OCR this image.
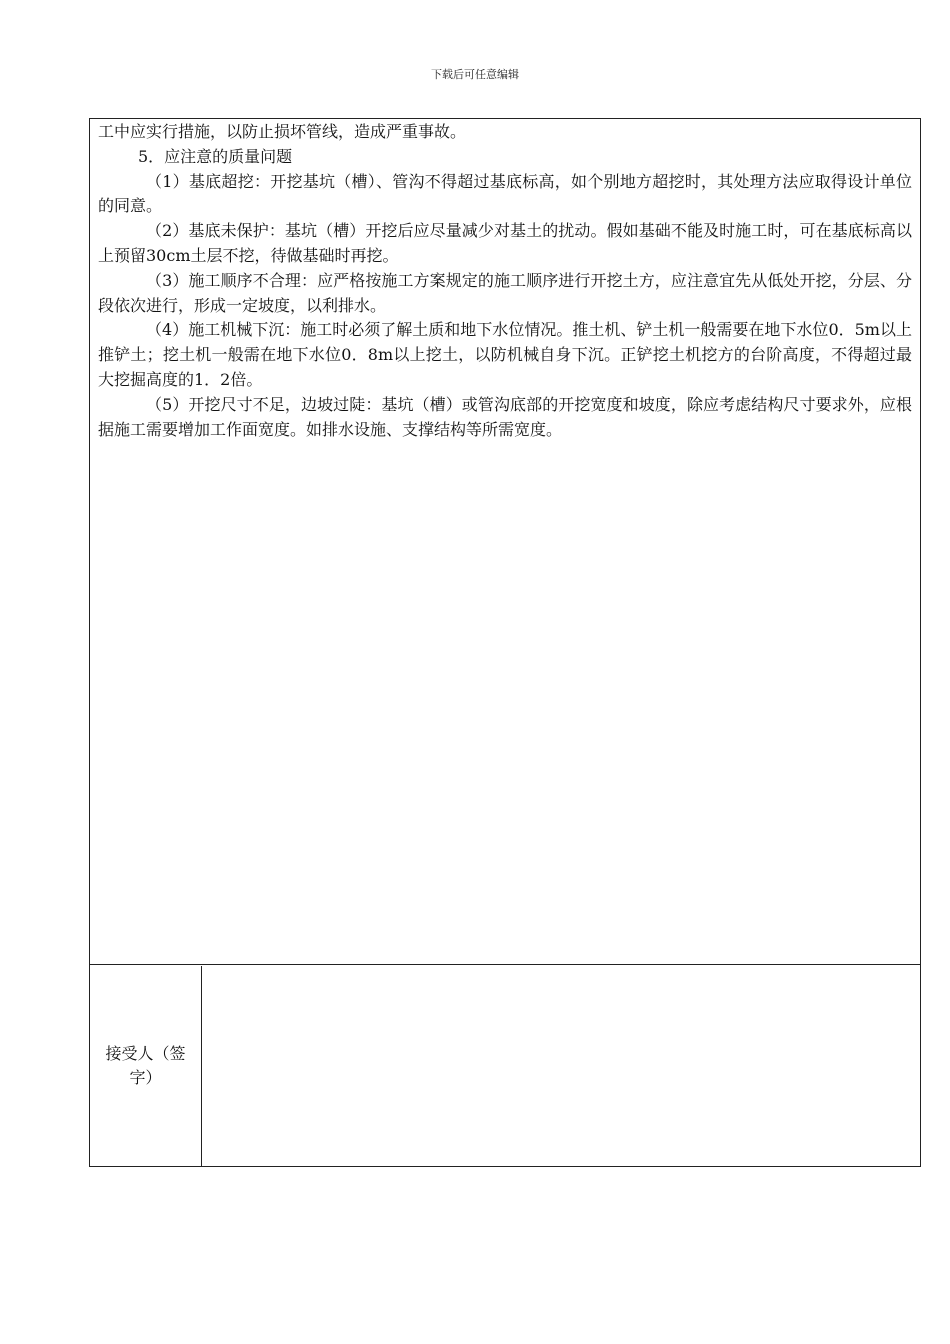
下载后可任意编辑

工中应实行措施，以防止损坏管线，造成严重事故。

5．应注意的质量问题

（1）基底超挖：开挖基坑（槽）、管沟不得超过基底标高，如个别地方超挖时，其处理方法应取得设计单位的同意。

（2）基底未保护：基坑（槽）开挖后应尽量减少对基土的扰动。假如基础不能及时施工时，可在基底标高以上预留30cm土层不挖，待做基础时再挖。

（3）施工顺序不合理：应严格按施工方案规定的施工顺序进行开挖土方，应注意宜先从低处开挖，分层、分段依次进行，形成一定坡度，以利排水。

（4）施工机械下沉：施工时必须了解土质和地下水位情况。推土机、铲土机一般需要在地下水位0．5m以上推铲土；挖土机一般需在地下水位0．8m以上挖土，以防机械自身下沉。正铲挖土机挖方的台阶高度，不得超过最大挖掘高度的1．2倍。

（5）开挖尺寸不足，边坡过陡：基坑（槽）或管沟底部的开挖宽度和坡度，除应考虑结构尺寸要求外，应根据施工需要增加工作面宽度。如排水设施、支撑结构等所需宽度。

接受人（签字）
